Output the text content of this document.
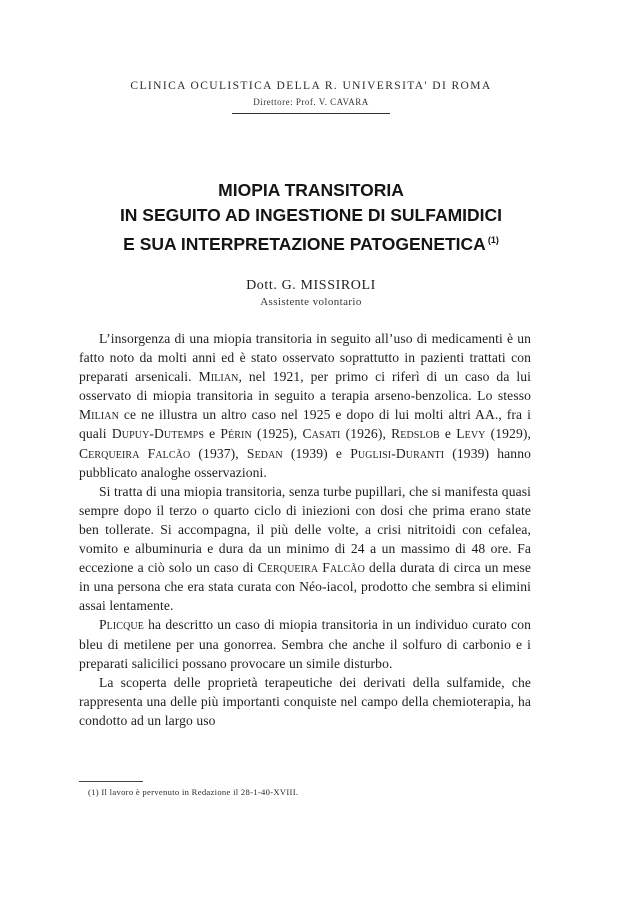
CLINICA OCULISTICA DELLA R. UNIVERSITA' DI ROMA
Direttore: Prof. V. CAVARA
MIOPIA TRANSITORIA
IN SEGUITO AD INGESTIONE DI SULFAMIDICI
E SUA INTERPRETAZIONE PATOGENETICA $^{(1)}$
Dott. G. MISSIROLI
Assistente volontario

L’insorgenza di una miopia transitoria in seguito all’uso di medicamenti è un fatto noto da molti anni ed è stato osservato soprattutto in pazienti trattati con preparati arsenicali. Milian, nel 1921, per primo ci riferì di un caso da lui osservato di miopia transitoria in seguito a terapia arseno-benzolica. Lo stesso Milian ce ne illustra un altro caso nel 1925 e dopo di lui molti altri AA., fra i quali Dupuy-Dutemps e Périn (1925), Casati (1926), Redslob e Levy (1929), Cerqueira Falcão (1937), Sedan (1939) e Puglisi-Duranti (1939) hanno pubblicato analoghe osservazioni.

Si tratta di una miopia transitoria, senza turbe pupillari, che si manifesta quasi sempre dopo il terzo o quarto ciclo di iniezioni con dosi che prima erano state ben tollerate. Si accompagna, il più delle volte, a crisi nitritoidi con cefalea, vomito e albuminuria e dura da un minimo di 24 a un massimo di 48 ore. Fa eccezione a ciò solo un caso di Cerqueira Falcão della durata di circa un mese in una persona che era stata curata con Néo-iacol, prodotto che sembra si elimini assai lentamente.

Plicque ha descritto un caso di miopia transitoria in un individuo curato con bleu di metilene per una gonorrea. Sembra che anche il solfuro di carbonio e i preparati salicilici possano provocare un simile disturbo.

La scoperta delle proprietà terapeutiche dei derivati della sulfamide, che rappresenta una delle più importanti conquiste nel campo della chemioterapia, ha condotto ad un largo uso

(1) Il lavoro è pervenuto in Redazione il 28-1-40-XVIII.
